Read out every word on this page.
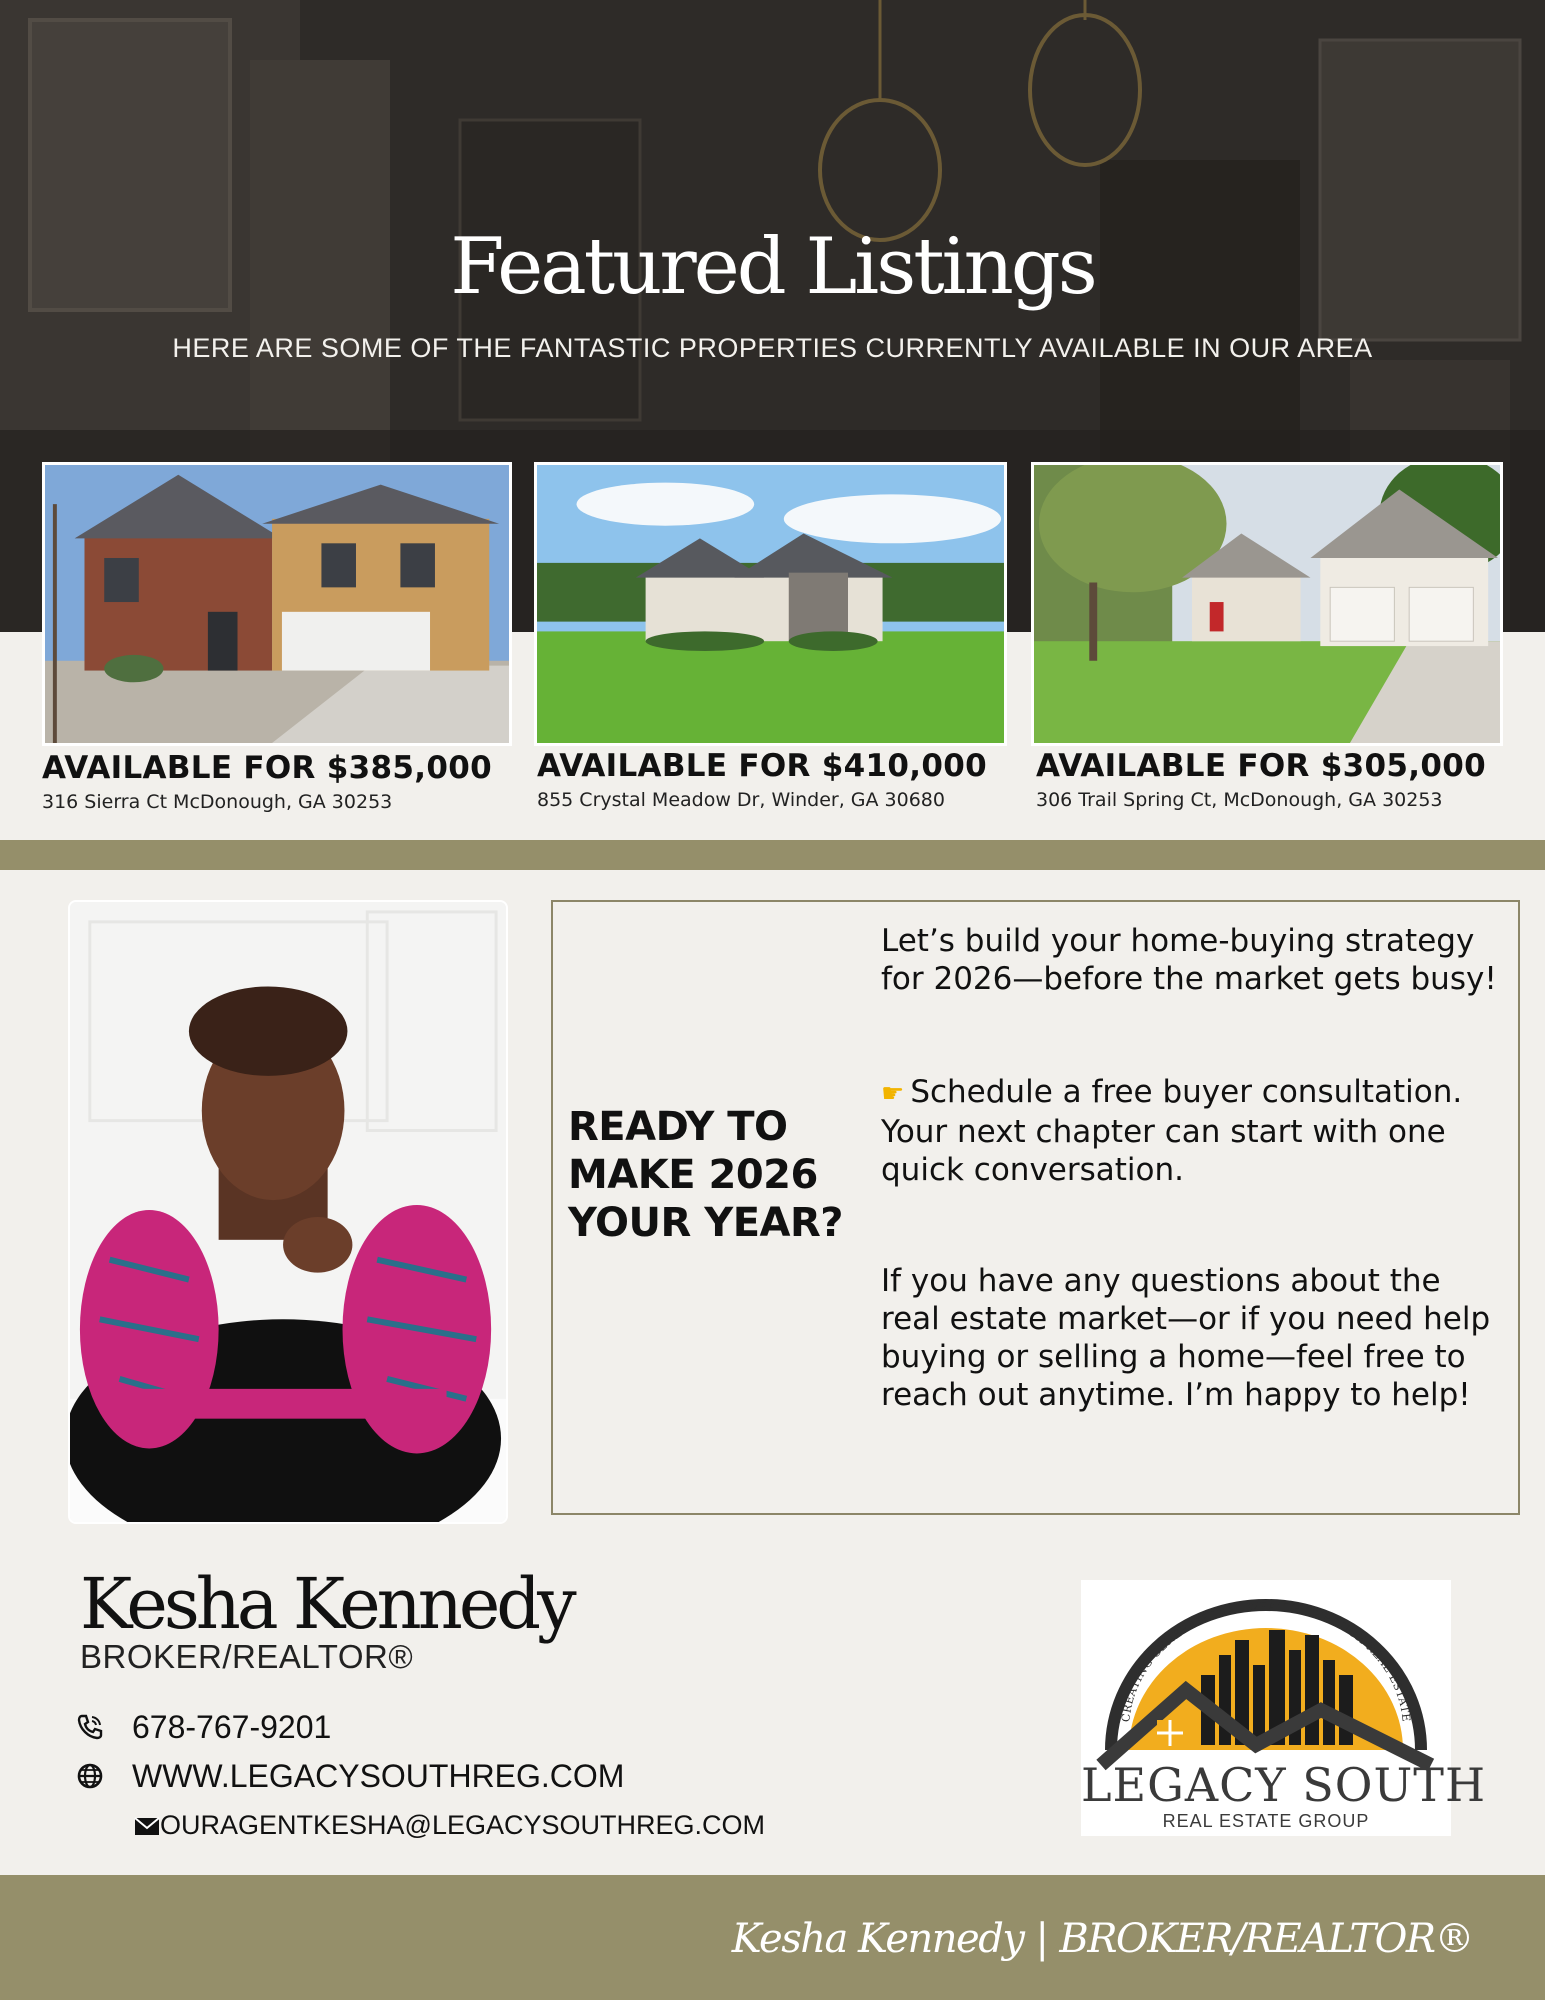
Featured Listings
HERE ARE SOME OF THE FANTASTIC PROPERTIES CURRENTLY AVAILABLE IN OUR AREA
AVAILABLE FOR $385,000
316 Sierra Ct McDonough, GA 30253
AVAILABLE FOR $410,000
855 Crystal Meadow Dr, Winder, GA 30680
AVAILABLE FOR $305,000
306 Trail Spring Ct, McDonough, GA 30253
READY TO MAKE 2026 YOUR YEAR?
Let’s build your home-buying strategy for 2026—before the market gets busy!
☛ Schedule a free buyer consultation.
Your next chapter can start with one quick conversation.
If you have any questions about the real estate market—or if you need help buying or selling a home—feel free to reach out anytime. I’m happy to help!
Kesha Kennedy
BROKER/REALTOR®
678-767-9201
WWW.LEGACYSOUTHREG.COM
OURAGENTKESHA@LEGACYSOUTHREG.COM
CREATING GENERATIONAL WEALTH THROUGH REAL ESTATE
LEGACY SOUTH
REAL ESTATE GROUP
Kesha Kennedy | BROKER/REALTOR®
